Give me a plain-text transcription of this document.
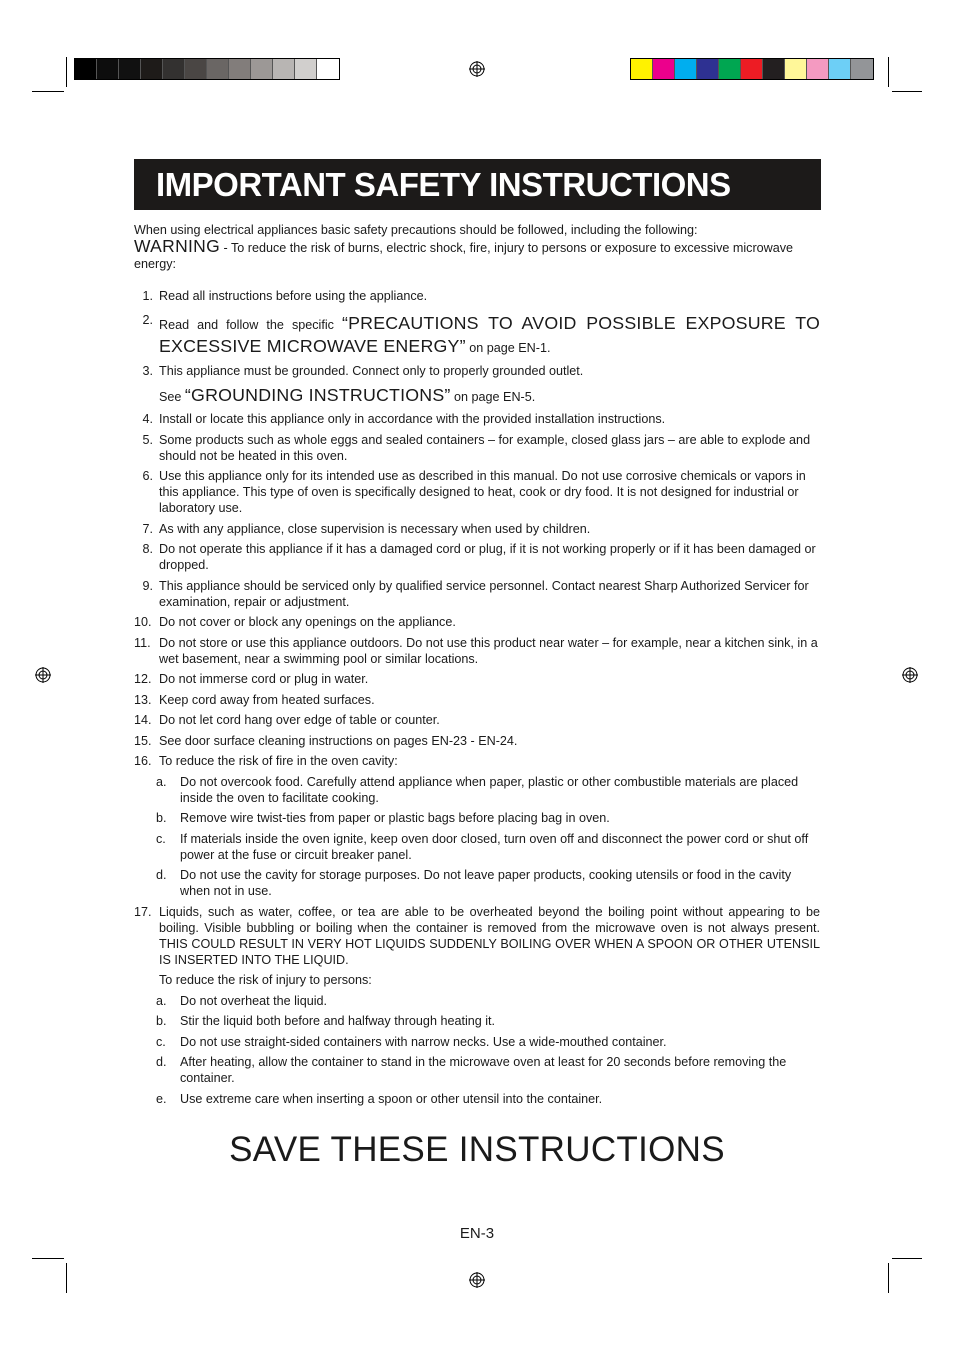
IMPORTANT SAFETY INSTRUCTIONS

When using electrical appliances basic safety precautions should be followed, including the following:

WARNING - To reduce the risk of burns, electric shock, fire, injury to persons or exposure to excessive microwave energy:

1. Read all instructions before using the appliance.
2. Read and follow the specific “PRECAUTIONS TO AVOID POSSIBLE EXPOSURE TO EXCESSIVE MICROWAVE ENERGY” on page EN-1.
3. This appliance must be grounded. Connect only to properly grounded outlet.
See “GROUNDING INSTRUCTIONS” on page EN-5.
4. Install or locate this appliance only in accordance with the provided installation instructions.
5. Some products such as whole eggs and sealed containers – for example, closed glass jars – are able to explode and should not be heated in this oven.
6. Use this appliance only for its intended use as described in this manual. Do not use corrosive chemicals or vapors in this appliance. This type of oven is specifically designed to heat, cook or dry food. It is not designed for industrial or laboratory use.
7. As with any appliance, close supervision is necessary when used by children.
8. Do not operate this appliance if it has a damaged cord or plug, if it is not working properly or if it has been damaged or dropped.
9. This appliance should be serviced only by qualified service personnel. Contact nearest Sharp Authorized Servicer for examination, repair or adjustment.
10. Do not cover or block any openings on the appliance.
11. Do not store or use this appliance outdoors. Do not use this product near water – for example, near a kitchen sink, in a wet basement, near a swimming pool or similar locations.
12. Do not immerse cord or plug in water.
13. Keep cord away from heated surfaces.
14. Do not let cord hang over edge of table or counter.
15. See door surface cleaning instructions on pages EN-23 - EN-24.
16. To reduce the risk of fire in the oven cavity:
a. Do not overcook food. Carefully attend appliance when paper, plastic or other combustible materials are placed inside the oven to facilitate cooking.
b. Remove wire twist-ties from paper or plastic bags before placing bag in oven.
c. If materials inside the oven ignite, keep oven door closed, turn oven off and disconnect the power cord or shut off power at the fuse or circuit breaker panel.
d. Do not use the cavity for storage purposes. Do not leave paper products, cooking utensils or food in the cavity when not in use.
17. Liquids, such as water, coffee, or tea are able to be overheated beyond the boiling point without appearing to be boiling. Visible bubbling or boiling when the container is removed from the microwave oven is not always present. THIS COULD RESULT IN VERY HOT LIQUIDS SUDDENLY BOILING OVER WHEN A SPOON OR OTHER UTENSIL IS INSERTED INTO THE LIQUID.
To reduce the risk of injury to persons:
a. Do not overheat the liquid.
b. Stir the liquid both before and halfway through heating it.
c. Do not use straight-sided containers with narrow necks. Use a wide-mouthed container.
d. After heating, allow the container to stand in the microwave oven at least for 20 seconds before removing the container.
e. Use extreme care when inserting a spoon or other utensil into the container.
SAVE THESE INSTRUCTIONS
EN-3
